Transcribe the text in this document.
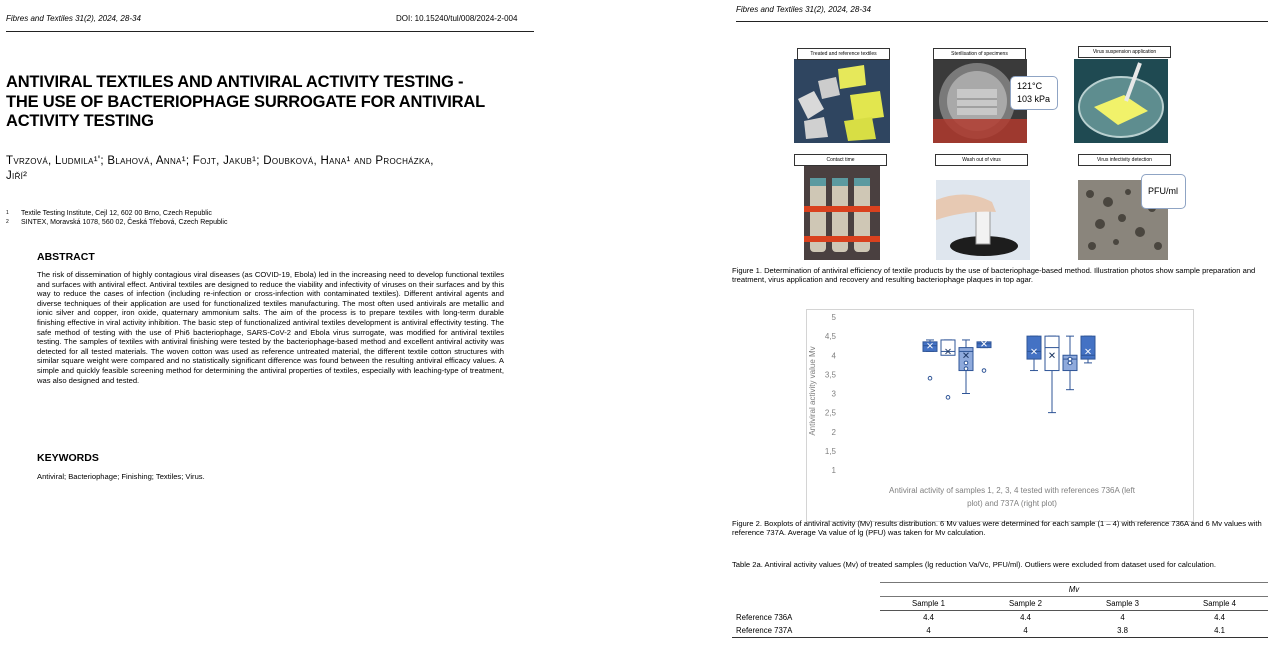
Fibres and Textiles 31(2), 2024, 28-34	DOI: 10.15240/tul/008/2024-2-004
ANTIVIRAL TEXTILES AND ANTIVIRAL ACTIVITY TESTING -
THE USE OF BACTERIOPHAGE SURROGATE FOR ANTIVIRAL
ACTIVITY TESTING
Tvrzová, Ludmila¹'; Blahová, Anna¹; Fojt, Jakub¹; Doubková, Hana¹ and Procházka,
Jiří²
1 Textile Testing Institute, Cejl 12, 602 00 Brno, Czech Republic
2 SINTEX, Moravská 1078, 560 02, Česká Třebová, Czech Republic
ABSTRACT
The risk of dissemination of highly contagious viral diseases (as COVID-19, Ebola) led in the increasing need to develop functional textiles and surfaces with antiviral effect. Antiviral textiles are designed to reduce the viability and infectivity of viruses on their surfaces and by this way to reduce the cases of infection (including re-infection or cross-infection with contaminated textiles). Different antiviral agents and diverse techniques of their application are used for functionalized textiles manufacturing. The most often used antivirals are metallic and ionic silver and copper, iron oxide, quaternary ammonium salts. The aim of the process is to prepare textiles with long-term durable finishing effective in viral activity inhibition. The basic step of functionalized antiviral textiles development is antiviral effectivity testing. The safe method of testing with the use of Phi6 bacteriophage, SARS-CoV-2 and Ebola virus surrogate, was modified for antiviral textiles testing. The samples of textiles with antiviral finishing were tested by the bacteriophage-based method and excellent antiviral activity was detected for all tested materials. The woven cotton was used as reference untreated material, the different textile cotton structures with similar square weight were compared and no statistically significant difference was found between the resulting antiviral efficacy values. A simple and quickly feasible screening method for determining the antiviral properties of textiles, especially with leaching-type of treatment, was also designed and tested.
KEYWORDS
Antiviral; Bacteriophage; Finishing; Textiles; Virus.
Fibres and Textiles 31(2), 2024, 28-34
Treated and reference textiles	Sterilisation of specimens	Virus suspension application
Contact time	Wash out of virus	Virus infectivity detection
121°C
103 kPa
PFU/ml
Figure 1. Determination of antiviral efficiency of textile products by the use of bacteriophage-based method. Illustration photos show sample preparation and treatment, virus application and recovery and resulting bacteriophage plaques in top agar.
1
1,5
2
2,5
3
3,5
4
4,5
5
Antiviral activity value Mv
Antiviral activity of samples 1, 2, 3, 4 tested with references 736A (left
plot) and 737A (right plot)
Figure 2. Boxplots of antiviral activity (Mv) results distribution. 6 Mv values were determined for each sample (1 – 4) with reference 736A and 6 Mv values with reference 737A. Average Va value of lg (PFU) was taken for Mv calculation.
Table 2a. Antiviral activity values (Mv) of treated samples (lg reduction Va/Vc, PFU/ml). Outliers were excluded from dataset used for calculation.
	Mv			
	Sample 1	Sample 2	Sample 3	Sample 4
Reference 736A	4.4	4.4	4	4.4
Reference 737A	4	4	3.8	4.1
